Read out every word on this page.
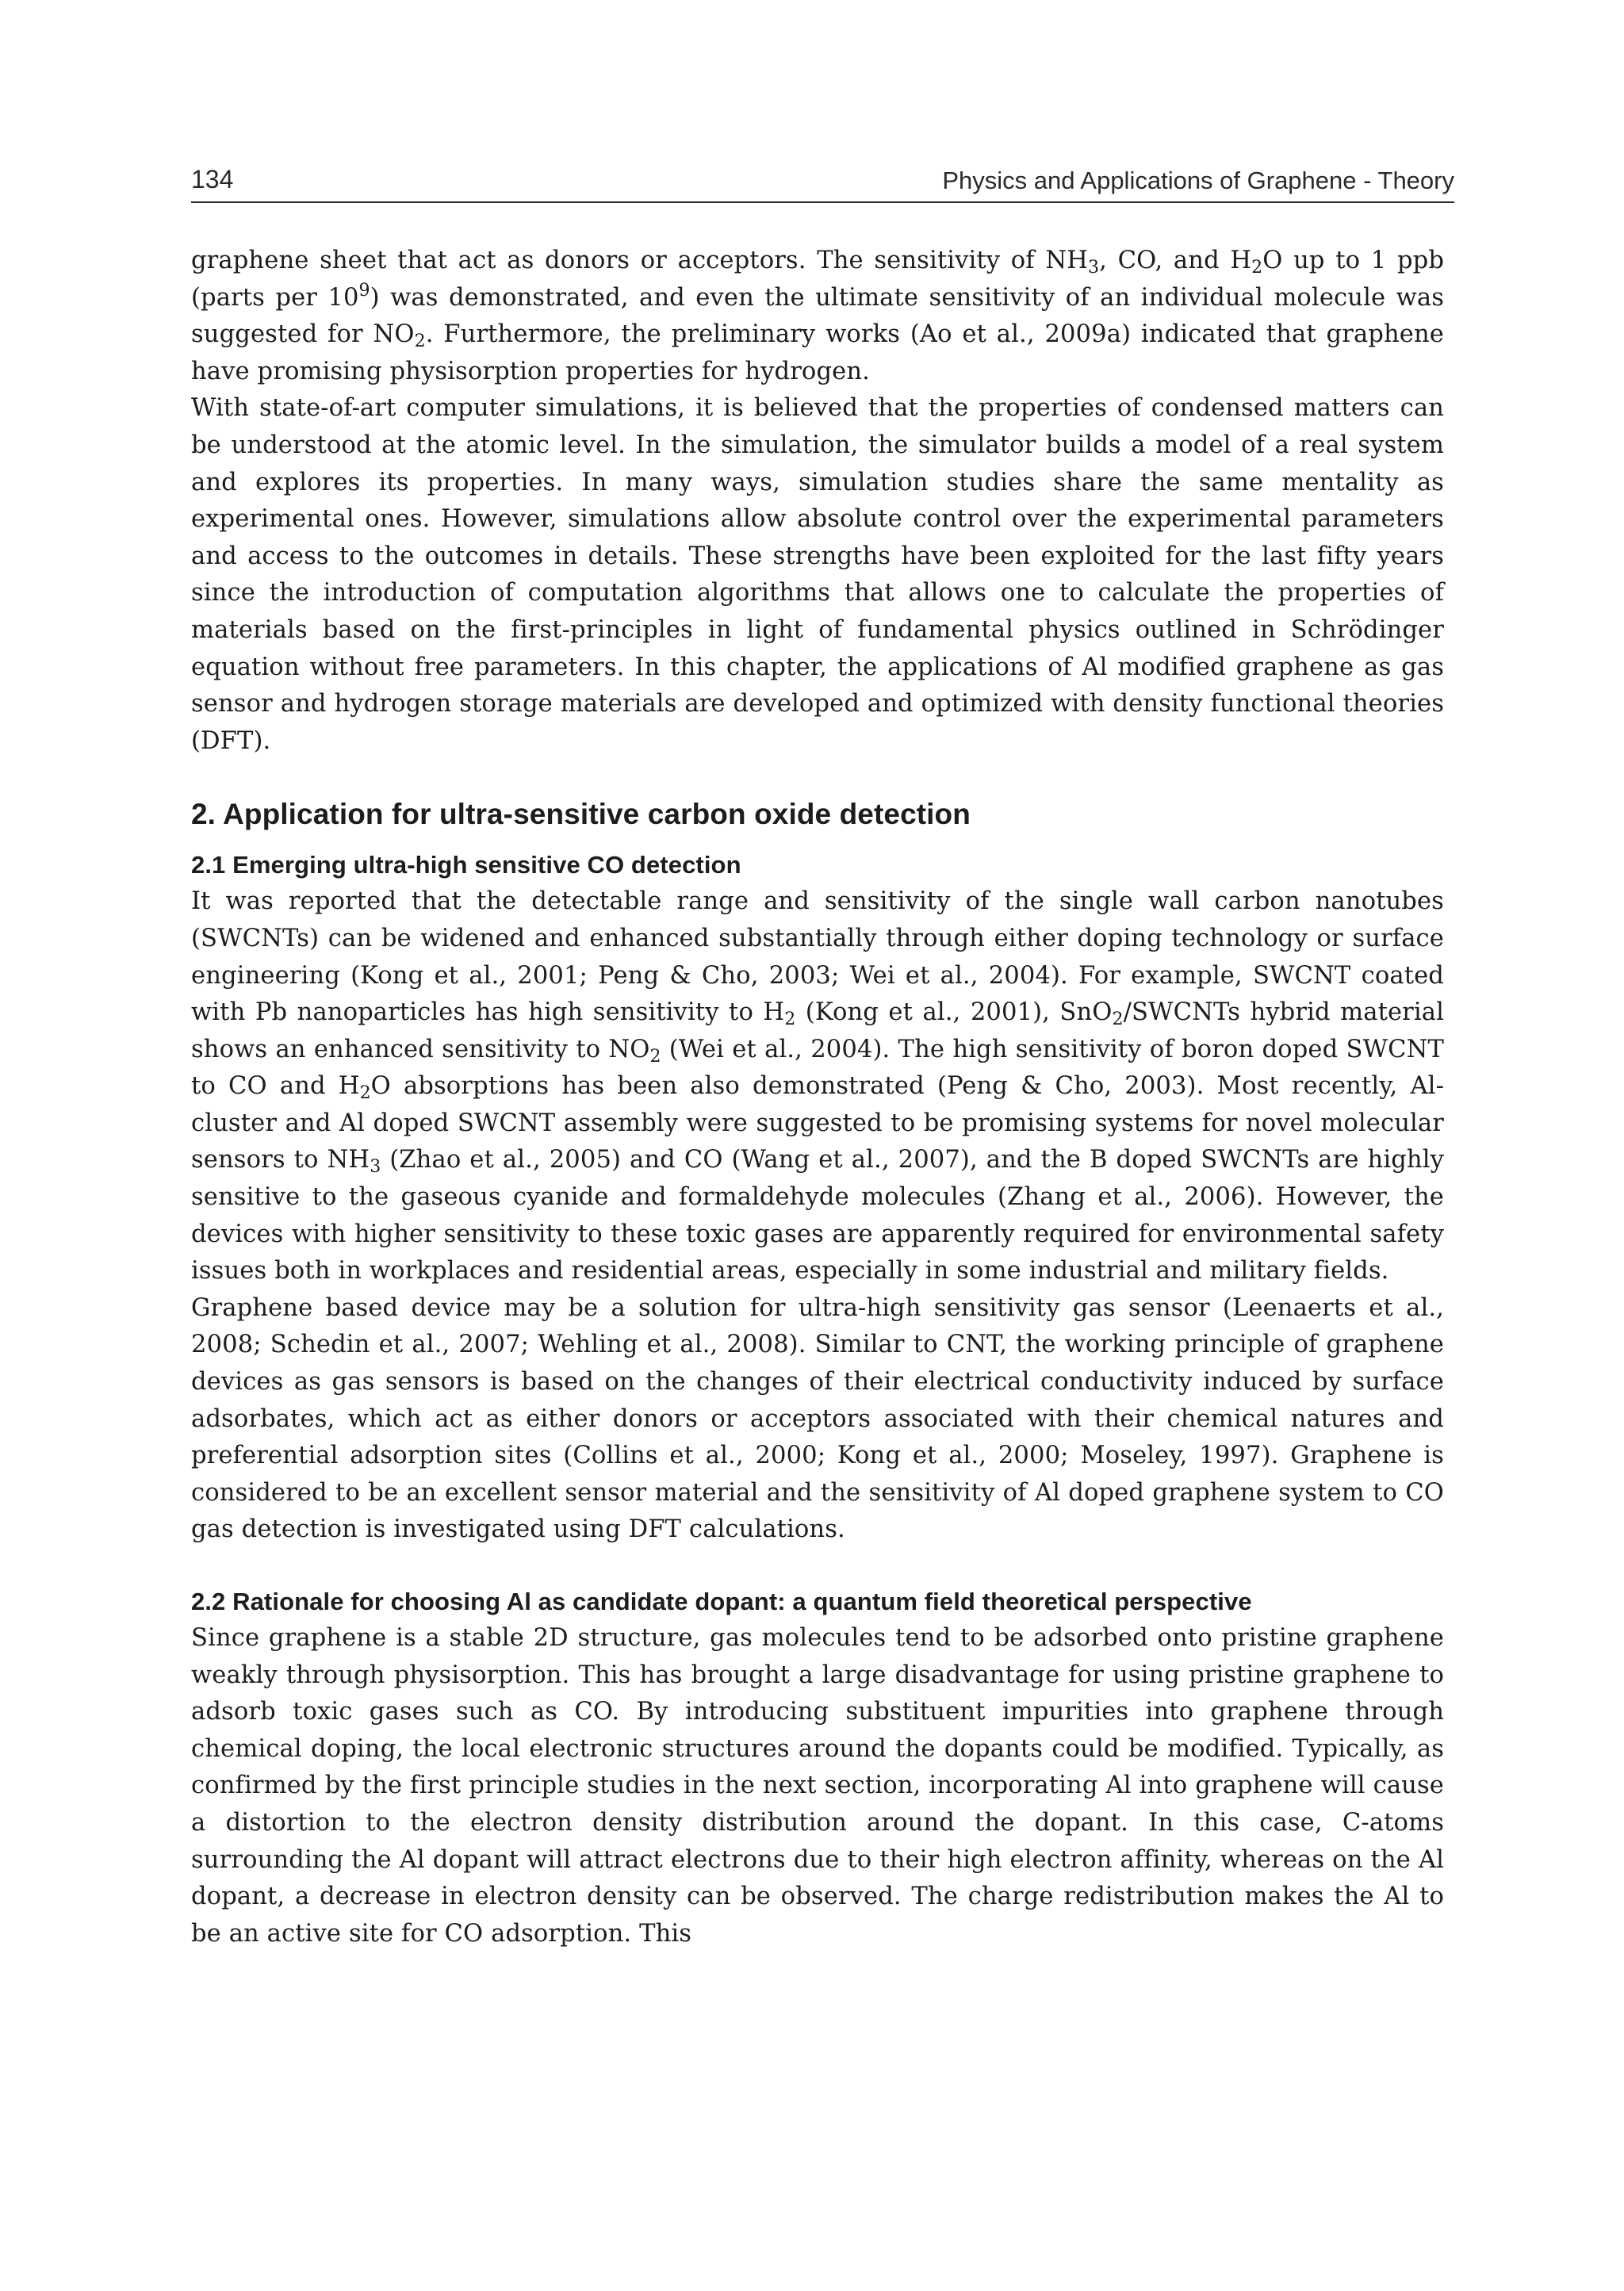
134	Physics and Applications of Graphene - Theory

graphene sheet that act as donors or acceptors. The sensitivity of $NH_3$, CO, and $H_2O$ up to 1 ppb (parts per $10^9$) was demonstrated, and even the ultimate sensitivity of an individual molecule was suggested for $NO_2$. Furthermore, the preliminary works (Ao et al., 2009a) indicated that graphene have promising physisorption properties for hydrogen.

With state-of-art computer simulations, it is believed that the properties of condensed matters can be understood at the atomic level. In the simulation, the simulator builds a model of a real system and explores its properties. In many ways, simulation studies share the same mentality as experimental ones. However, simulations allow absolute control over the experimental parameters and access to the outcomes in details. These strengths have been exploited for the last fifty years since the introduction of computation algorithms that allows one to calculate the properties of materials based on the first-principles in light of fundamental physics outlined in Schrödinger equation without free parameters. In this chapter, the applications of Al modified graphene as gas sensor and hydrogen storage materials are developed and optimized with density functional theories (DFT).

2. Application for ultra-sensitive carbon oxide detection
2.1 Emerging ultra-high sensitive CO detection

It was reported that the detectable range and sensitivity of the single wall carbon nanotubes (SWCNTs) can be widened and enhanced substantially through either doping technology or surface engineering (Kong et al., 2001; Peng & Cho, 2003; Wei et al., 2004). For example, SWCNT coated with Pb nanoparticles has high sensitivity to $H_2$ (Kong et al., 2001), SnO$_2$/SWCNTs hybrid material shows an enhanced sensitivity to $NO_2$ (Wei et al., 2004). The high sensitivity of boron doped SWCNT to CO and $H_2O$ absorptions has been also demonstrated (Peng & Cho, 2003). Most recently, Al-cluster and Al doped SWCNT assembly were suggested to be promising systems for novel molecular sensors to $NH_3$ (Zhao et al., 2005) and CO (Wang et al., 2007), and the B doped SWCNTs are highly sensitive to the gaseous cyanide and formaldehyde molecules (Zhang et al., 2006). However, the devices with higher sensitivity to these toxic gases are apparently required for environmental safety issues both in workplaces and residential areas, especially in some industrial and military fields.

Graphene based device may be a solution for ultra-high sensitivity gas sensor (Leenaerts et al., 2008; Schedin et al., 2007; Wehling et al., 2008). Similar to CNT, the working principle of graphene devices as gas sensors is based on the changes of their electrical conductivity induced by surface adsorbates, which act as either donors or acceptors associated with their chemical natures and preferential adsorption sites (Collins et al., 2000; Kong et al., 2000; Moseley, 1997). Graphene is considered to be an excellent sensor material and the sensitivity of Al doped graphene system to CO gas detection is investigated using DFT calculations.

2.2 Rationale for choosing Al as candidate dopant: a quantum field theoretical perspective

Since graphene is a stable 2D structure, gas molecules tend to be adsorbed onto pristine graphene weakly through physisorption. This has brought a large disadvantage for using pristine graphene to adsorb toxic gases such as CO. By introducing substituent impurities into graphene through chemical doping, the local electronic structures around the dopants could be modified. Typically, as confirmed by the first principle studies in the next section, incorporating Al into graphene will cause a distortion to the electron density distribution around the dopant. In this case, C-atoms surrounding the Al dopant will attract electrons due to their high electron affinity, whereas on the Al dopant, a decrease in electron density can be observed. The charge redistribution makes the Al to be an active site for CO adsorption. This
